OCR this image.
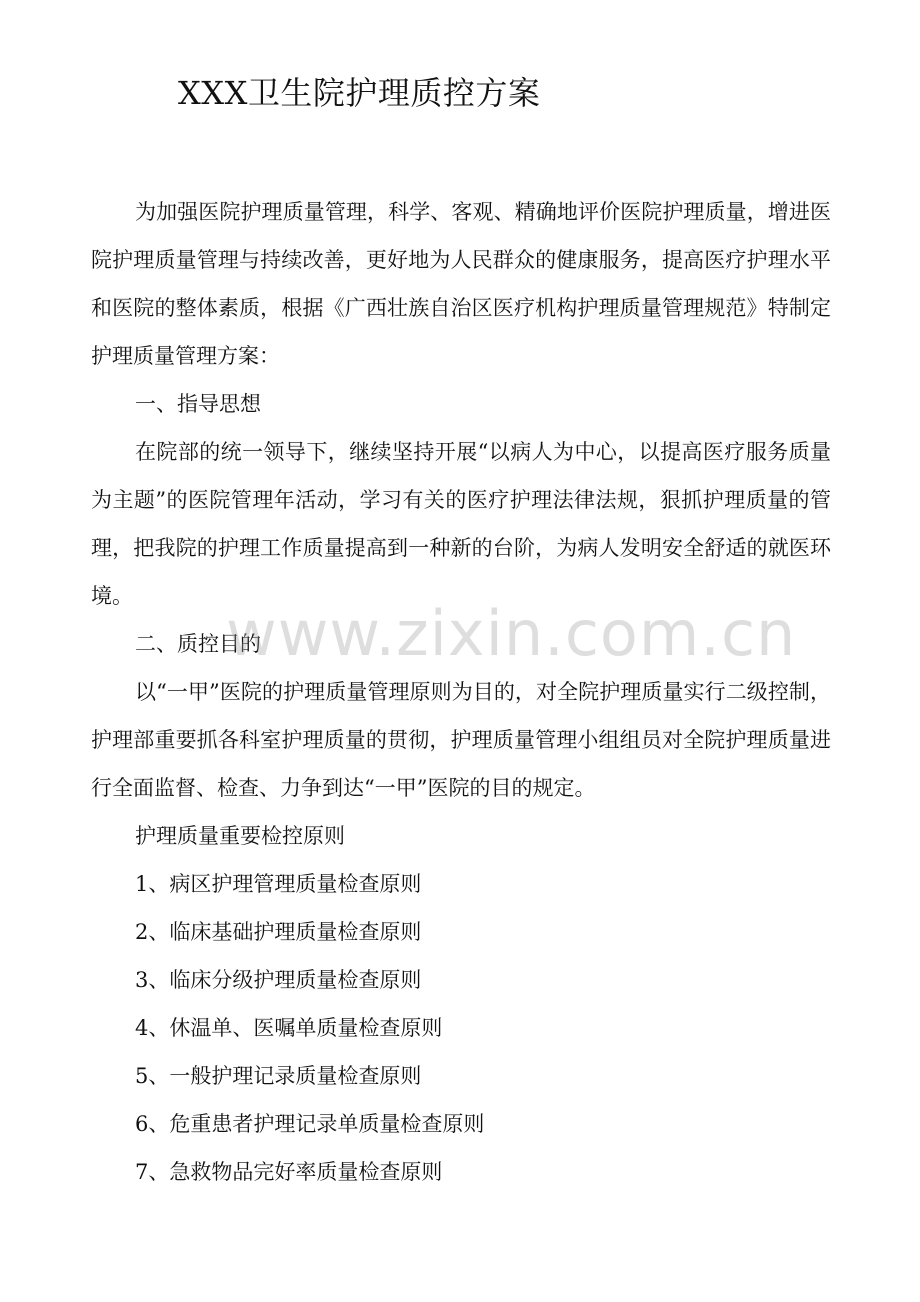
XXX卫生院护理质控方案

为加强医院护理质量管理，科学、客观、精确地评价医院护理质量，增进医院护理质量管理与持续改善，更好地为人民群众的健康服务，提高医疗护理水平和医院的整体素质，根据《广西壮族自治区医疗机构护理质量管理规范》特制定护理质量管理方案：

一、指导思想

在院部的统一领导下，继续坚持开展“以病人为中心，以提高医疗服务质量为主题”的医院管理年活动，学习有关的医疗护理法律法规，狠抓护理质量的管理，把我院的护理工作质量提高到一种新的台阶，为病人发明安全舒适的就医环境。

二、质控目的

以“一甲”医院的护理质量管理原则为目的，对全院护理质量实行二级控制，护理部重要抓各科室护理质量的贯彻，护理质量管理小组组员对全院护理质量进行全面监督、检查、力争到达“一甲”医院的目的规定。

护理质量重要检控原则

1、病区护理管理质量检查原则

2、临床基础护理质量检查原则

3、临床分级护理质量检查原则

4、休温单、医嘱单质量检查原则

5、一般护理记录质量检查原则

6、危重患者护理记录单质量检查原则

7、急救物品完好率质量检查原则

www.zixin.com.cn
